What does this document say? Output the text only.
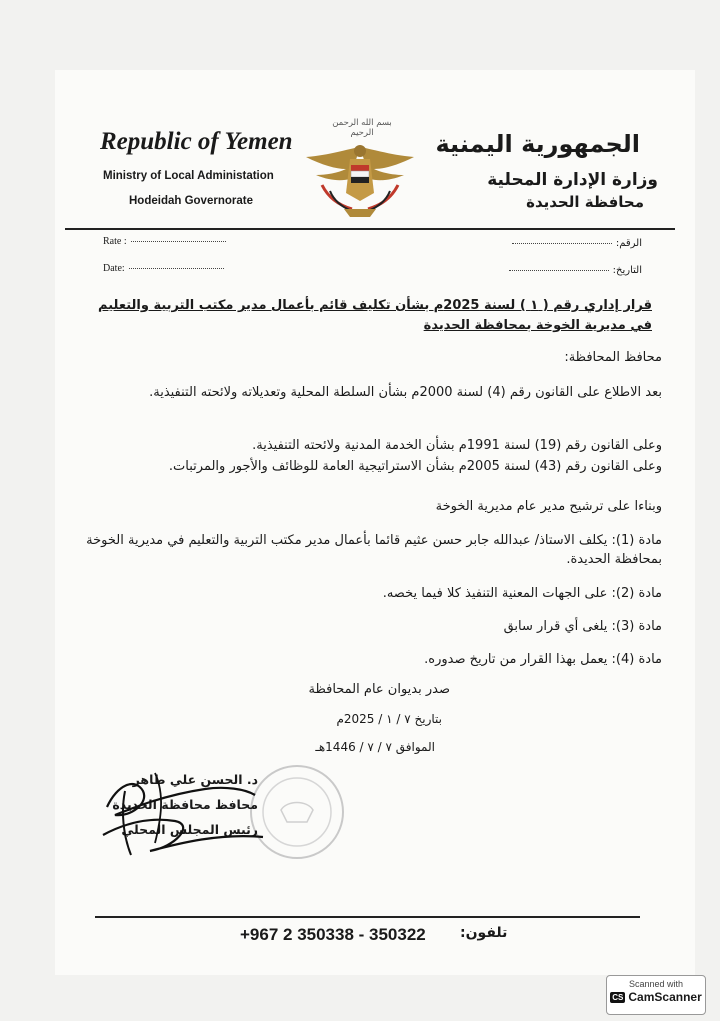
Republic of Yemen
Ministry of Local Administation
Hodeidah Governorate
بسم الله الرحمن الرحيم	الجمهورية اليمنية
وزارة الإدارة المحلية
محافظة الحديدة
Rate :
Date:
الرقم:
التاريخ:
قرار إداري رقم ( ١ ) لسنة 2025م بشأن تكليف قائم بأعمال مدير مكتب التربية والتعليم في مديرية الخوخة بمحافظة الحديدة
محافظ المحافظة:
بعد الاطلاع على القانون رقم (4) لسنة 2000م بشأن السلطة المحلية وتعديلاته ولائحته التنفيذية.
وعلى القانون رقم (19) لسنة 1991م بشأن الخدمة المدنية ولائحته التنفيذية.
وعلى القانون رقم (43) لسنة 2005م بشأن الاستراتيجية العامة للوظائف والأجور والمرتبات.
وبناءا على ترشيح مدير عام مديرية الخوخة
مادة (1): يكلف الاستاذ/ عبدالله جابر حسن عثيم قائما بأعمال مدير مكتب التربية والتعليم في مديرية الخوخة بمحافظة الحديدة.
مادة (2): على الجهات المعنية التنفيذ كلا فيما يخصه.
مادة (3): يلغى أي قرار سابق
مادة (4): يعمل بهذا القرار من تاريخ صدوره.
صدر بديوان عام المحافظة
بتاريخ ٧ / ١ / 2025م
الموافق ٧ / ٧ / 1446هـ
د. الحسن علي طاهر
محافظ محافظة الحديدة
رئيس المجلس المحلي
+967 2 350338 - 350322 تلفون:
Scanned with
CS CamScanner
